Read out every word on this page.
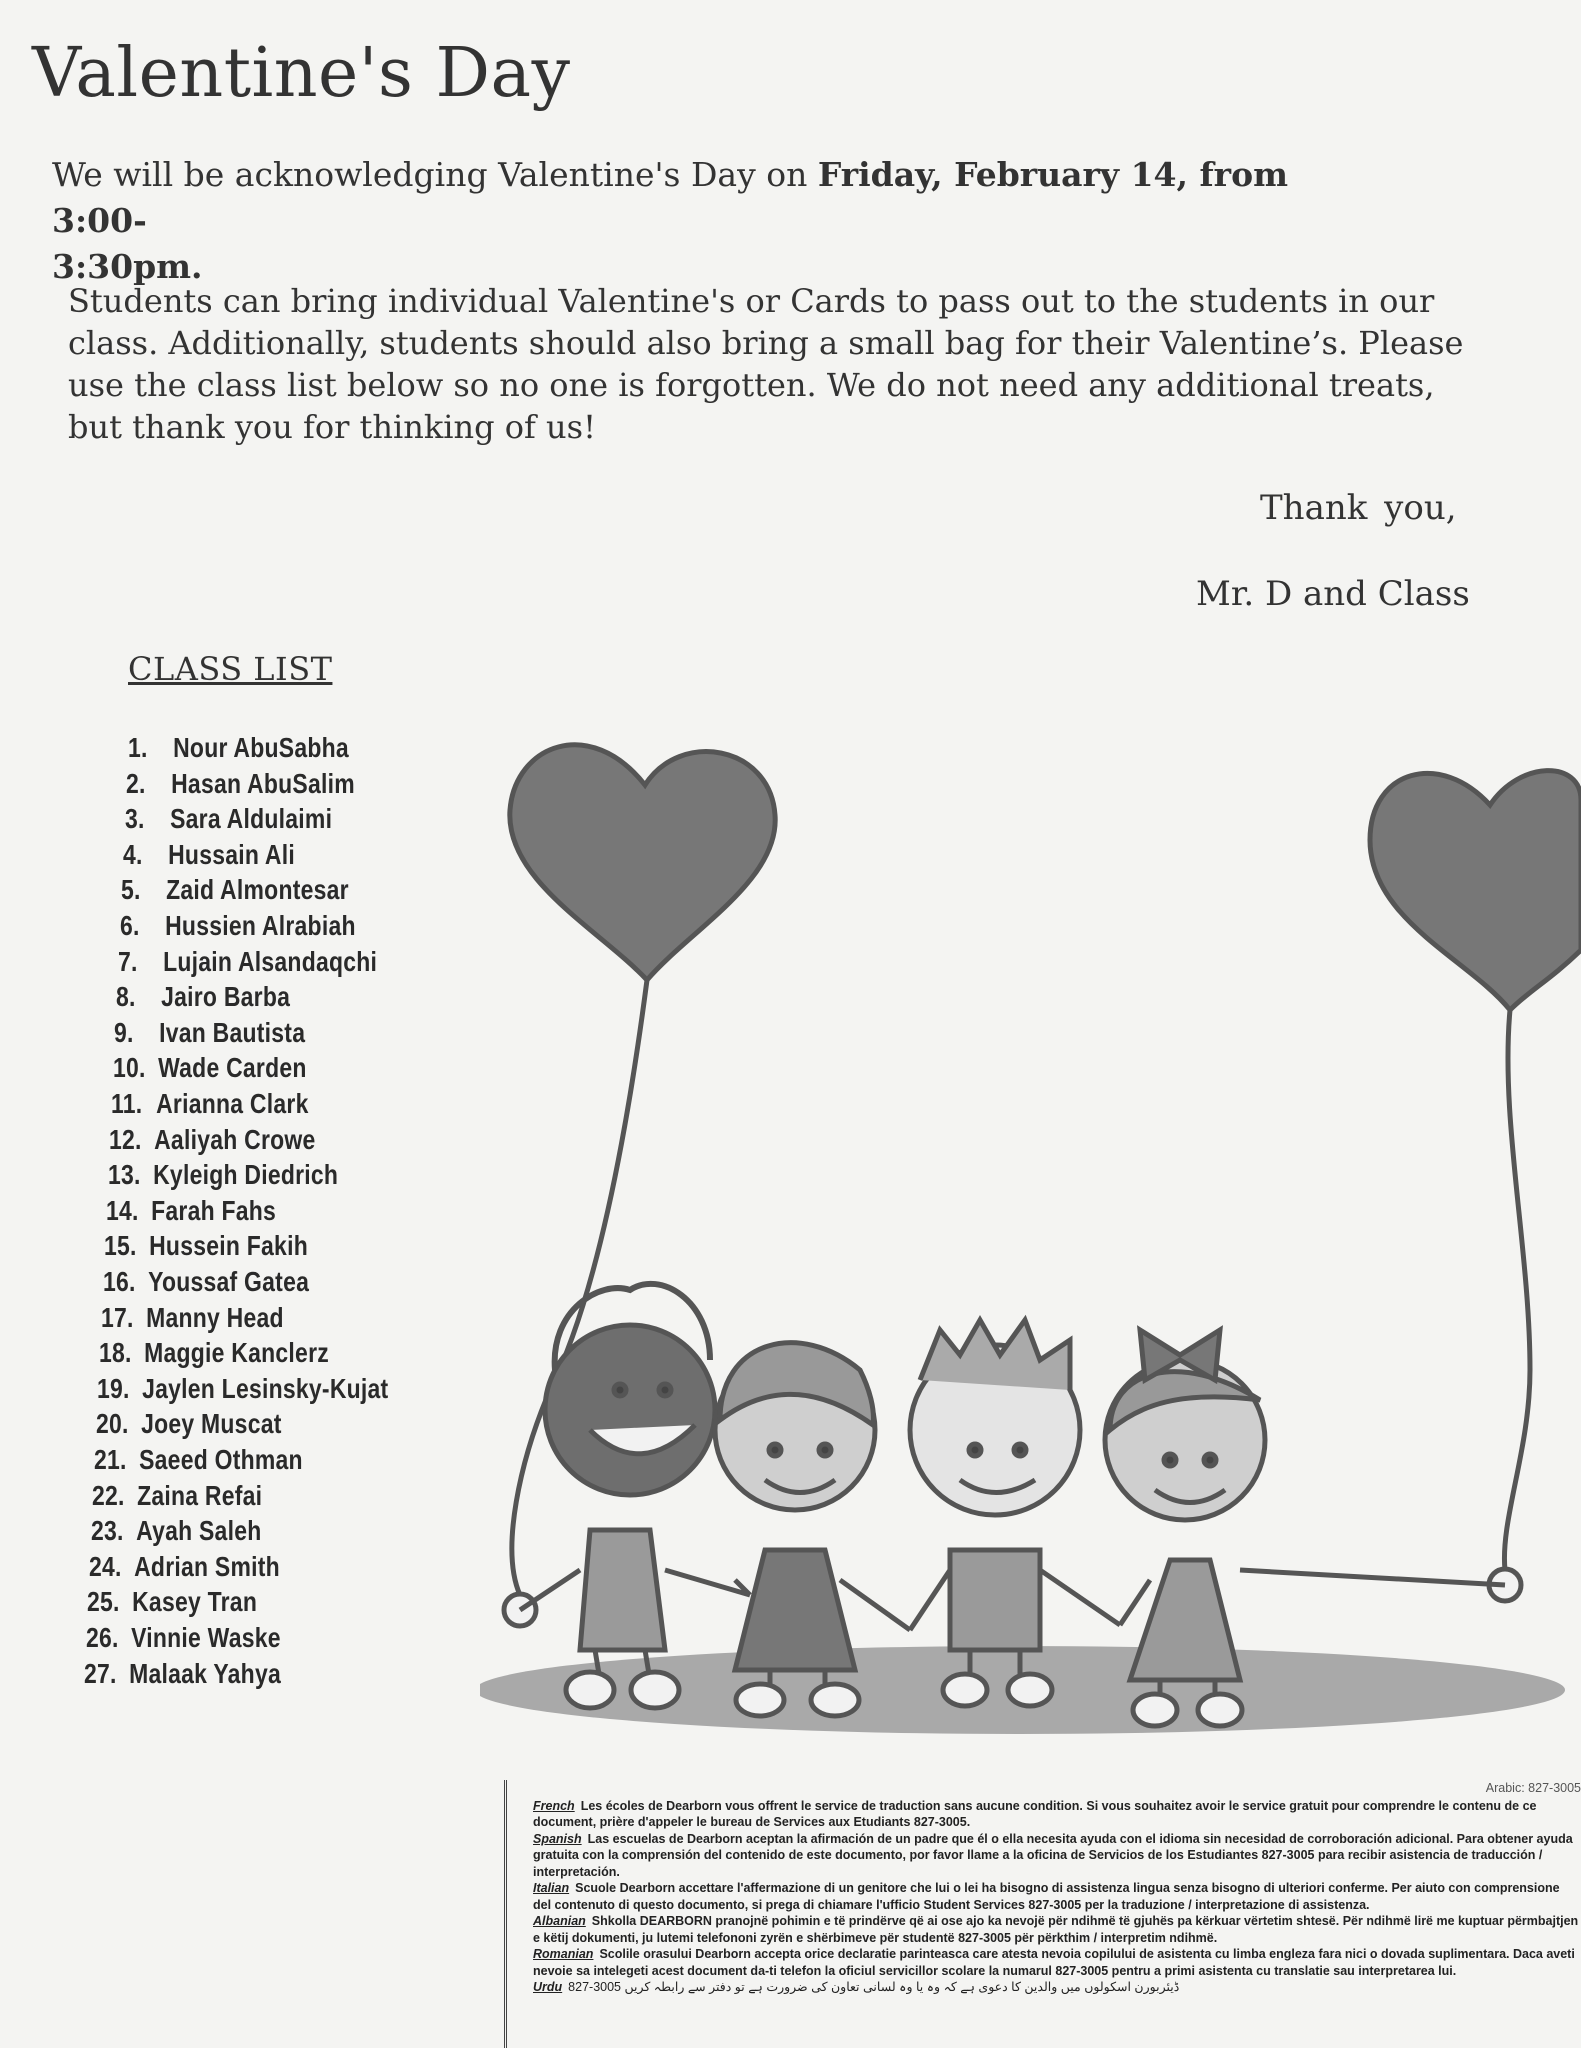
Valentine's Day
We will be acknowledging Valentine's Day on Friday, February 14, from 3:00-
3:30pm.
Students can bring individual Valentine's or Cards to pass out to the students in our class. Additionally, students should also bring a small bag for their Valentine’s. Please use the class list below so no one is forgotten. We do not need any additional treats, but thank you for thinking of us!
Thank you,
Mr. D and Class
CLASS LIST
1. Nour AbuSabha
2. Hasan AbuSalim
3. Sara Aldulaimi
4. Hussain Ali
5. Zaid Almontesar
6. Hussien Alrabiah
7. Lujain Alsandaqchi
8. Jairo Barba
9. Ivan Bautista
10. Wade Carden
11. Arianna Clark
12. Aaliyah Crowe
13. Kyleigh Diedrich
14. Farah Fahs
15. Hussein Fakih
16. Youssaf Gatea
17. Manny Head
18. Maggie Kanclerz
19. Jaylen Lesinsky-Kujat
20. Joey Muscat
21. Saeed Othman
22. Zaina Refai
23. Ayah Saleh
24. Adrian Smith
25. Kasey Tran
26. Vinnie Waske
27. Malaak Yahya
827-3005 :Arabic

French Les écoles de Dearborn vous offrent le service de traduction sans aucune condition. Si vous souhaitez avoir le service gratuit pour comprendre le contenu de ce document, prière d'appeler le bureau de Services aux Etudiants 827-3005.

Spanish Las escuelas de Dearborn aceptan la afirmación de un padre que él o ella necesita ayuda con el idioma sin necesidad de corroboración adicional. Para obtener ayuda gratuita con la comprensión del contenido de este documento, por favor llame a la oficina de Servicios de los Estudiantes 827-3005 para recibir asistencia de traducción / interpretación.

Italian Scuole Dearborn accettare l'affermazione di un genitore che lui o lei ha bisogno di assistenza lingua senza bisogno di ulteriori conferme. Per aiuto con comprensione del contenuto di questo documento, si prega di chiamare l'ufficio Student Services 827-3005 per la traduzione / interpretazione di assistenza.

Albanian Shkolla DEARBORN pranojnë pohimin e të prindërve që ai ose ajo ka nevojë për ndihmë të gjuhës pa kërkuar vërtetim shtesë. Për ndihmë lirë me kuptuar përmbajtjen e këtij dokumenti, ju lutemi telefononi zyrën e shërbimeve për studentë 827-3005 për përkthim / interpretim ndihmë.

Romanian Scolile orasului Dearborn accepta orice declaratie parinteasca care atesta nevoia copilului de asistenta cu limba engleza fara nici o dovada suplimentara. Daca aveti nevoie sa intelegeti acest document da-ti telefon la oficiul servicillor scolare la numarul 827-3005 pentru a primi asistenta cu translatie sau interpretarea lui.

Urdu 827-3005 ڈیئربورن اسکولوں میں والدین کا دعوی ہے کہ وہ یا وہ لسانی تعاون کی ضرورت ہے تو دفتر سے رابطہ کریں
